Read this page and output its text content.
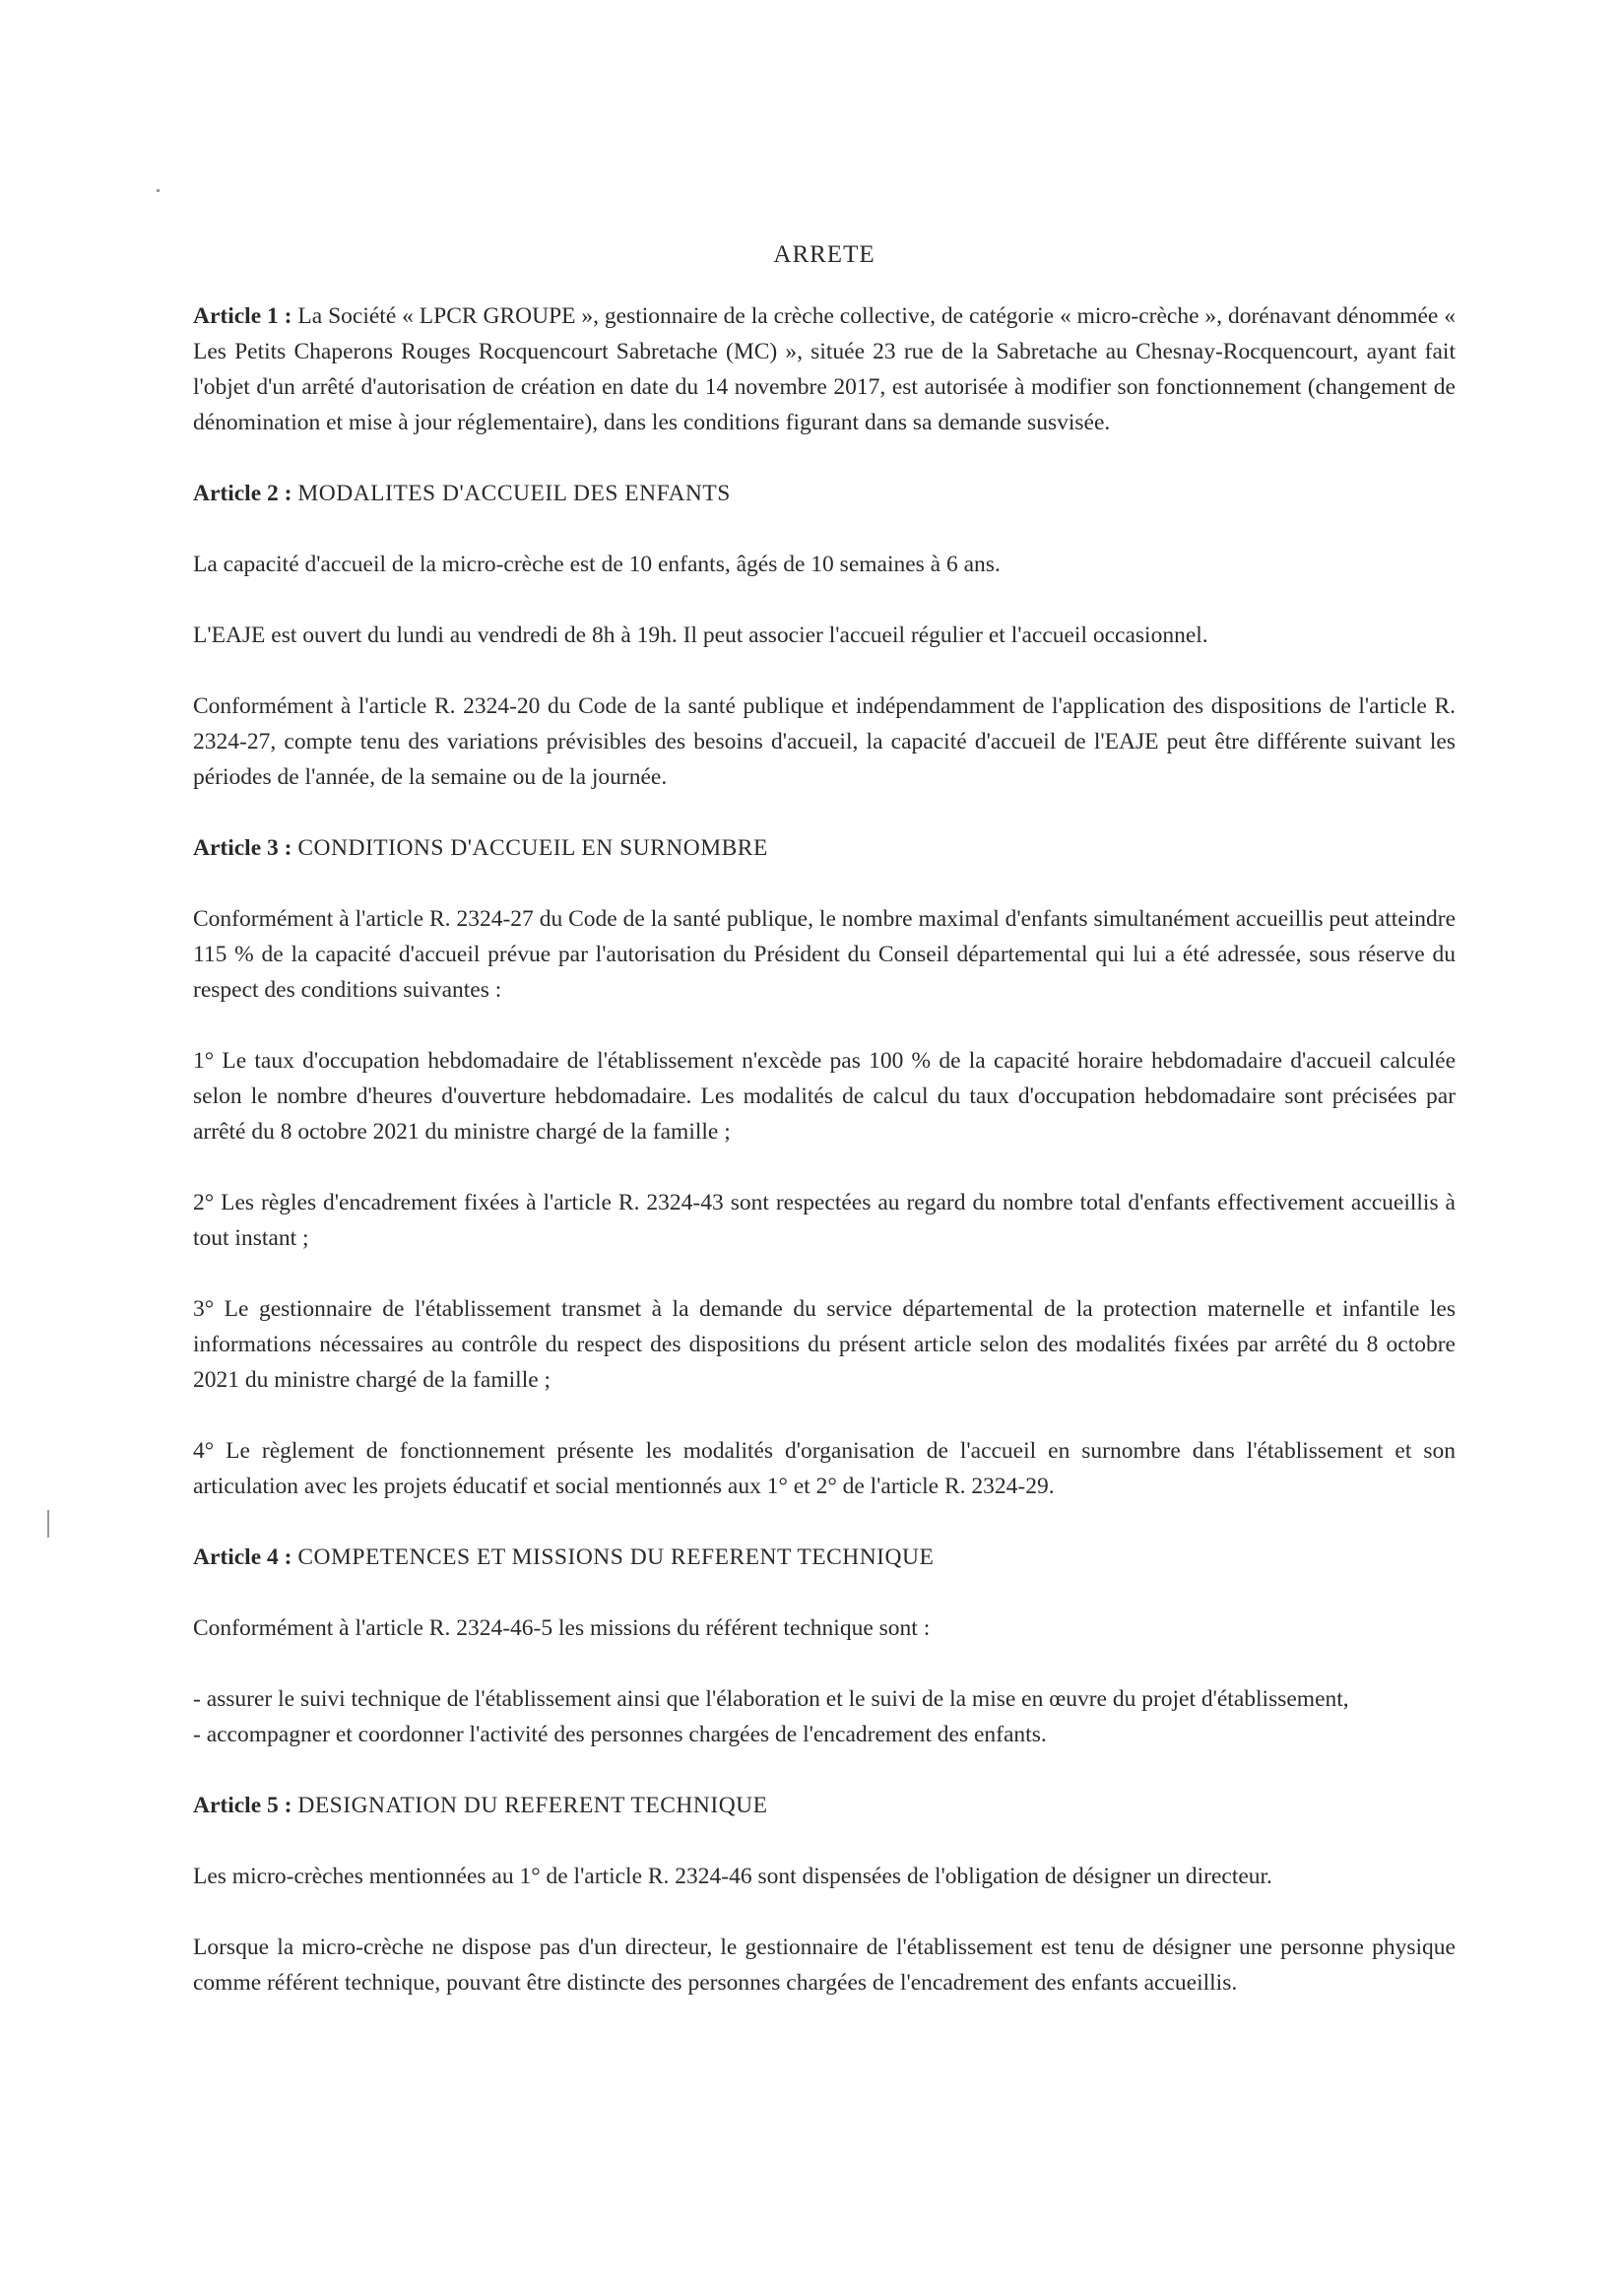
ARRETE

Article 1 : La Société « LPCR GROUPE », gestionnaire de la crèche collective, de catégorie « micro-crèche », dorénavant dénommée « Les Petits Chaperons Rouges Rocquencourt Sabretache (MC) », située 23 rue de la Sabretache au Chesnay-Rocquencourt, ayant fait l'objet d'un arrêté d'autorisation de création en date du 14 novembre 2017, est autorisée à modifier son fonctionnement (changement de dénomination et mise à jour réglementaire), dans les conditions figurant dans sa demande susvisée.

Article 2 : MODALITES D'ACCUEIL DES ENFANTS

La capacité d'accueil de la micro-crèche est de 10 enfants, âgés de 10 semaines à 6 ans.

L'EAJE est ouvert du lundi au vendredi de 8h à 19h. Il peut associer l'accueil régulier et l'accueil occasionnel.

Conformément à l'article R. 2324-20 du Code de la santé publique et indépendamment de l'application des dispositions de l'article R. 2324-27, compte tenu des variations prévisibles des besoins d'accueil, la capacité d'accueil de l'EAJE peut être différente suivant les périodes de l'année, de la semaine ou de la journée.

Article 3 : CONDITIONS D'ACCUEIL EN SURNOMBRE

Conformément à l'article R. 2324-27 du Code de la santé publique, le nombre maximal d'enfants simultanément accueillis peut atteindre 115 % de la capacité d'accueil prévue par l'autorisation du Président du Conseil départemental qui lui a été adressée, sous réserve du respect des conditions suivantes :

1° Le taux d'occupation hebdomadaire de l'établissement n'excède pas 100 % de la capacité horaire hebdomadaire d'accueil calculée selon le nombre d'heures d'ouverture hebdomadaire. Les modalités de calcul du taux d'occupation hebdomadaire sont précisées par arrêté du 8 octobre 2021 du ministre chargé de la famille ;

2° Les règles d'encadrement fixées à l'article R. 2324-43 sont respectées au regard du nombre total d'enfants effectivement accueillis à tout instant ;

3° Le gestionnaire de l'établissement transmet à la demande du service départemental de la protection maternelle et infantile les informations nécessaires au contrôle du respect des dispositions du présent article selon des modalités fixées par arrêté du 8 octobre 2021 du ministre chargé de la famille ;

4° Le règlement de fonctionnement présente les modalités d'organisation de l'accueil en surnombre dans l'établissement et son articulation avec les projets éducatif et social mentionnés aux 1° et 2° de l'article R. 2324-29.

Article 4 : COMPETENCES ET MISSIONS DU REFERENT TECHNIQUE

Conformément à l'article R. 2324-46-5 les missions du référent technique sont :

- assurer le suivi technique de l'établissement ainsi que l'élaboration et le suivi de la mise en œuvre du projet d'établissement,
- accompagner et coordonner l'activité des personnes chargées de l'encadrement des enfants.

Article 5 : DESIGNATION DU REFERENT TECHNIQUE

Les micro-crèches mentionnées au 1° de l'article R. 2324-46 sont dispensées de l'obligation de désigner un directeur.

Lorsque la micro-crèche ne dispose pas d'un directeur, le gestionnaire de l'établissement est tenu de désigner une personne physique comme référent technique, pouvant être distincte des personnes chargées de l'encadrement des enfants accueillis.
